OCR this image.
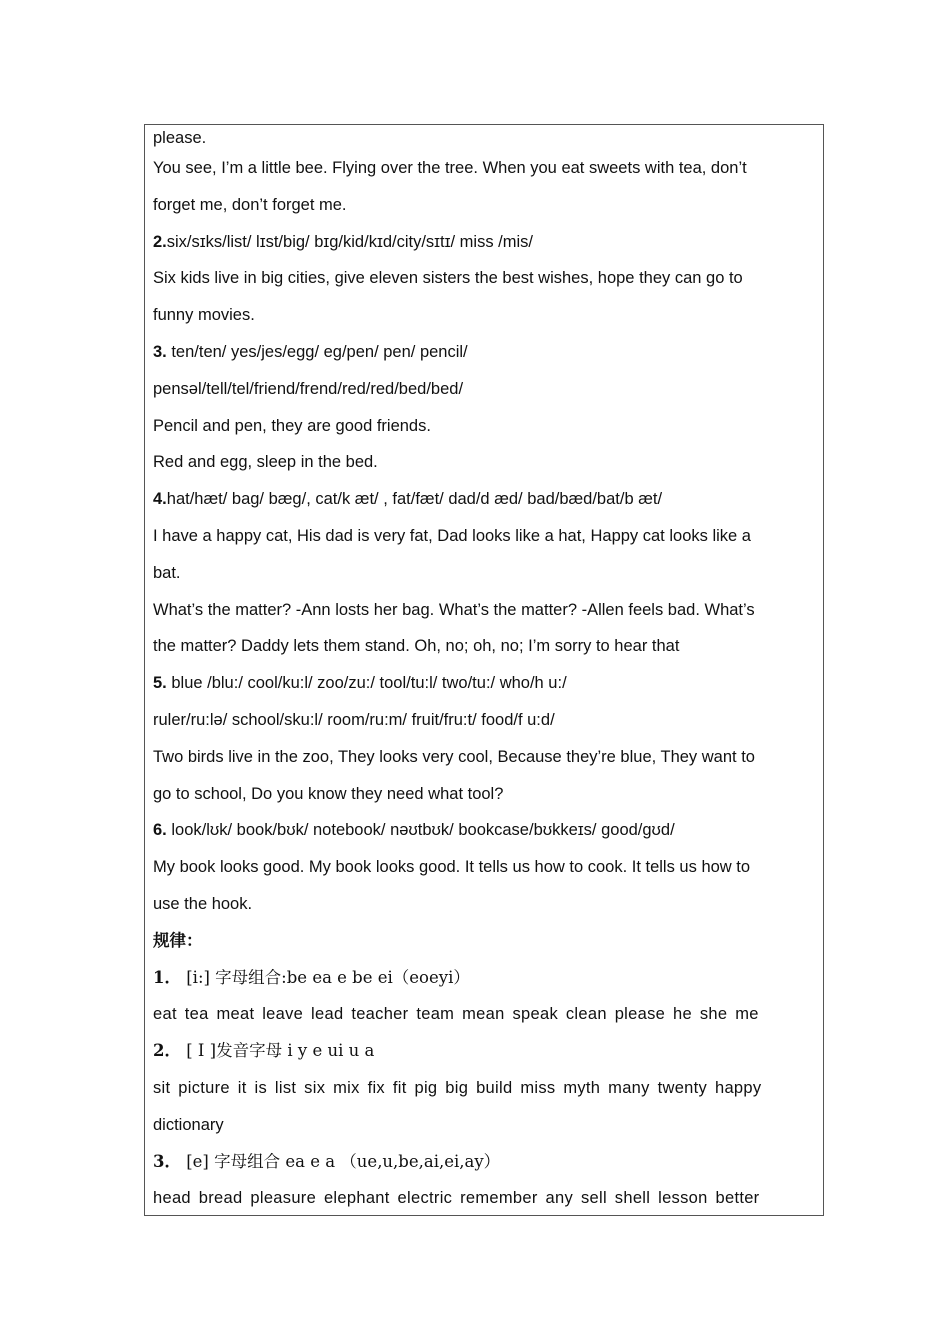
please.
You see, I’m a little bee. Flying over the tree. When you eat sweets with tea, don’t
forget me, don’t forget me.
2.six/sɪks/list/ lɪst/big/ bɪg/kid/kɪd/city/sɪtɪ/ miss /mis/
Six kids live in big cities, give eleven sisters the best wishes, hope they can go to
funny movies.
3. ten/ten/ yes/jes/egg/ eg/pen/ pen/ pencil/
pensəl/tell/tel/friend/frend/red/red/bed/bed/
Pencil and pen, they are good friends.
Red and egg, sleep in the bed.
4.hat/hæt/ bag/ bæg/, cat/k æt/ , fat/fæt/ dad/d æd/ bad/bæd/bat/b æt/
I have a happy cat, His dad is very fat, Dad looks like a hat, Happy cat looks like a
bat.
What’s the matter? -Ann losts her bag. What’s the matter? -Allen feels bad. What’s
the matter? Daddy lets them stand. Oh, no; oh, no; I’m sorry to hear that
5. blue /blu:/ cool/ku:l/ zoo/zu:/ tool/tu:l/ two/tu:/ who/h u:/
ruler/ru:lə/ school/sku:l/ room/ru:m/ fruit/fru:t/ food/f u:d/
Two birds live in the zoo, They looks very cool, Because they’re blue, They want to
go to school, Do you know they need what tool?
6. look/lʊk/ book/bʊk/ notebook/ nəʊtbʊk/ bookcase/bʊkkeɪs/ good/gʊd/
My book looks good. My book looks good. It tells us how to cook. It tells us how to
use the hook.
规律：
1． [i:] 字母组合:be ea e be ei（eoeyi）
eat tea meat leave lead teacher team mean speak clean please he she me
2． [ I ]发音字母 i y e ui u a
sit picture it is list six mix fix fit pig big build miss myth many twenty happy
dictionary
3． [e] 字母组合 ea e a （ue,u,be,ai,ei,ay）
head bread pleasure elephant electric remember any sell shell lesson better
